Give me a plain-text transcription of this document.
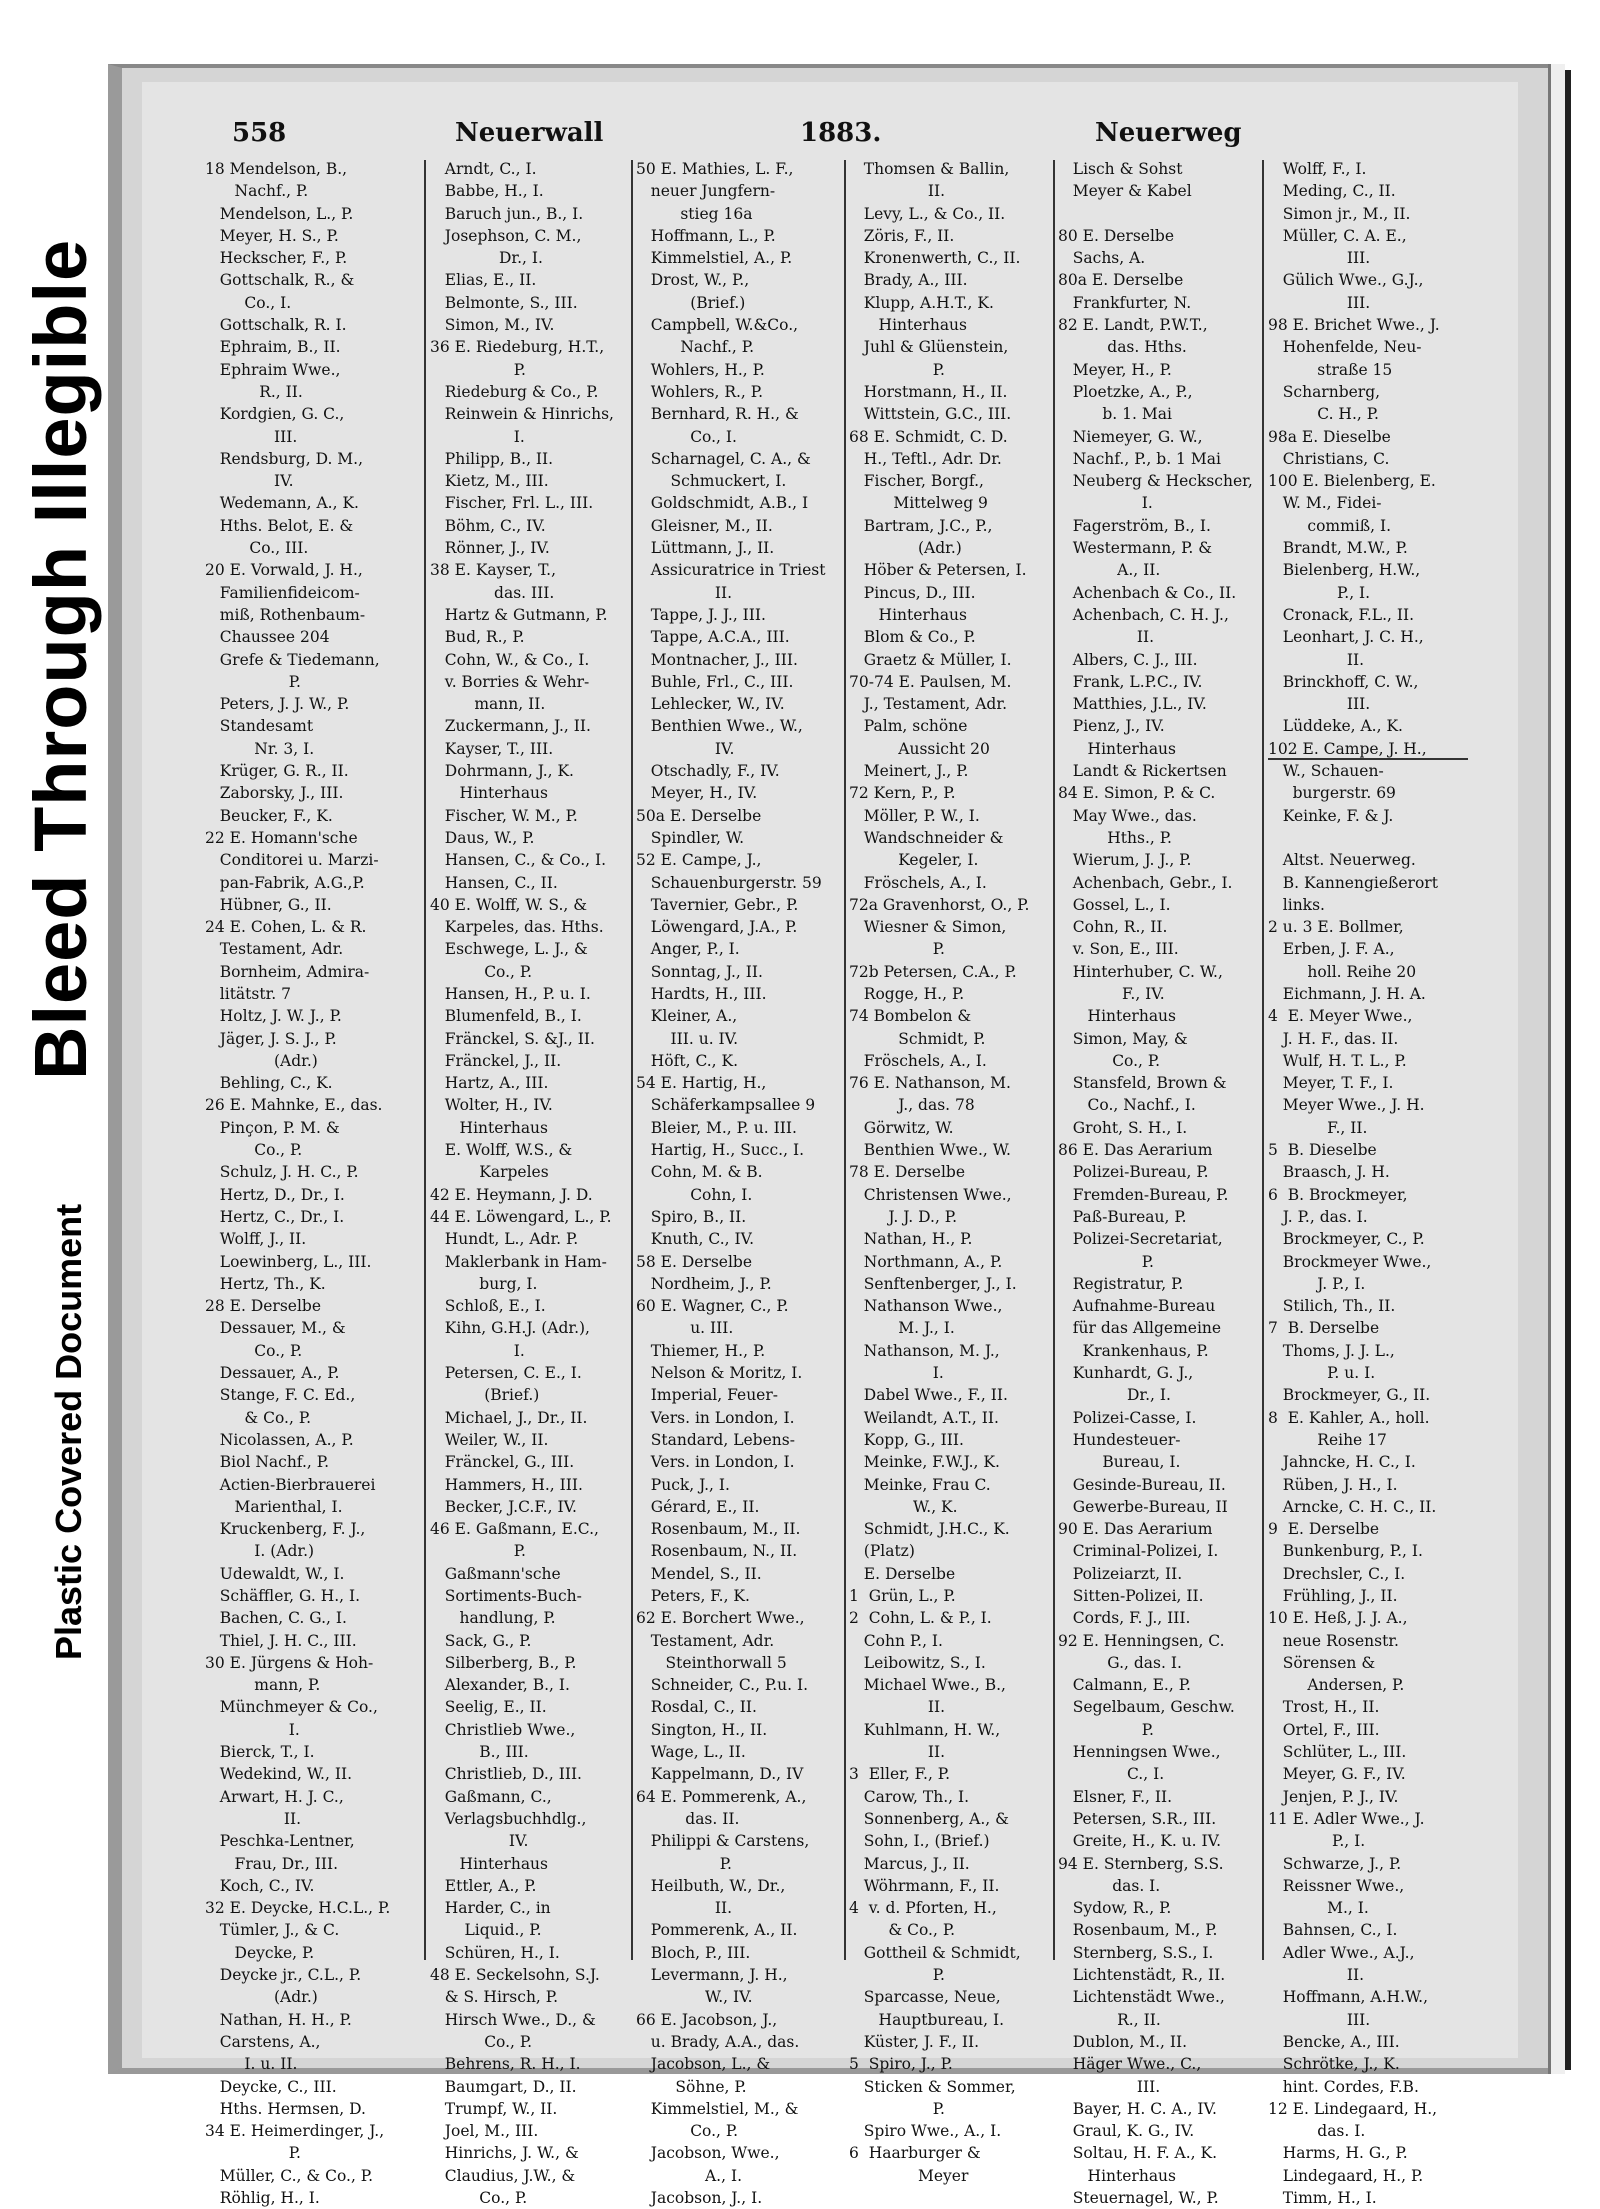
Bleed Through Illegible
Plastic Covered Document
558	Neuerwall	1883.	Neuerweg
18 Mendelson, B.,
Nachf., P.
Mendelson, L., P.
Meyer, H. S., P.
Heckscher, F., P.
Gottschalk, R., &
Co., I.
Gottschalk, R. I.
Ephraim, B., II.
Ephraim Wwe.,
R., II.
Kordgien, G. C.,
III.
Rendsburg, D. M.,
IV.
Wedemann, A., K.
Hths. Belot, E. &
Co., III.
20 E. Vorwald, J. H.,
Familienfideicom-
miß, Rothenbaum-
Chaussee 204
Grefe & Tiedemann,
P.
Peters, J. J. W., P.
Standesamt
Nr. 3, I.
Krüger, G. R., II.
Zaborsky, J., III.
Beucker, F., K.
22 E. Homann'sche
Conditorei u. Marzi-
pan-Fabrik, A.G.,P.
Hübner, G., II.
24 E. Cohen, L. & R.
Testament, Adr.
Bornheim, Admira-
litätstr. 7
Holtz, J. W. J., P.
Jäger, J. S. J., P.
(Adr.)
Behling, C., K.
26 E. Mahnke, E., das.
Pinçon, P. M. &
Co., P.
Schulz, J. H. C., P.
Hertz, D., Dr., I.
Hertz, C., Dr., I.
Wolff, J., II.
Loewinberg, L., III.
Hertz, Th., K.
28 E. Derselbe
Dessauer, M., &
Co., P.
Dessauer, A., P.
Stange, F. C. Ed.,
& Co., P.
Nicolassen, A., P.
Biol Nachf., P.
Actien-Bierbrauerei
Marienthal, I.
Kruckenberg, F. J.,
I. (Adr.)
Udewaldt, W., I.
Schäffler, G. H., I.
Bachen, C. G., I.
Thiel, J. H. C., III.
30 E. Jürgens & Hoh-
mann, P.
Münchmeyer & Co.,
I.
Bierck, T., I.
Wedekind, W., II.
Arwart, H. J. C.,
II.
Peschka-Lentner,
Frau, Dr., III.
Koch, C., IV.
32 E. Deycke, H.C.L., P.
Tümler, J., & C.
Deycke, P.
Deycke jr., C.L., P.
(Adr.)
Nathan, H. H., P.
Carstens, A.,
I. u. II.
Deycke, C., III.
Hths. Hermsen, D.
34 E. Heimerdinger, J.,
P.
Müller, C., & Co., P.
Röhlig, H., I.
Arndt, C., I.
Babbe, H., I.
Baruch jun., B., I.
Josephson, C. M.,
Dr., I.
Elias, E., II.
Belmonte, S., III.
Simon, M., IV.
36 E. Riedeburg, H.T.,
P.
Riedeburg & Co., P.
Reinwein & Hinrichs,
I.
Philipp, B., II.
Kietz, M., III.
Fischer, Frl. L., III.
Böhm, C., IV.
Rönner, J., IV.
38 E. Kayser, T.,
das. III.
Hartz & Gutmann, P.
Bud, R., P.
Cohn, W., & Co., I.
v. Borries & Wehr-
mann, II.
Zuckermann, J., II.
Kayser, T., III.
Dohrmann, J., K.
Hinterhaus
Fischer, W. M., P.
Daus, W., P.
Hansen, C., & Co., I.
Hansen, C., II.
40 E. Wolff, W. S., &
Karpeles, das. Hths.
Eschwege, L. J., &
Co., P.
Hansen, H., P. u. I.
Blumenfeld, B., I.
Fränckel, S. &J., II.
Fränckel, J., II.
Hartz, A., III.
Wolter, H., IV.
Hinterhaus
E. Wolff, W.S., &
Karpeles
42 E. Heymann, J. D.
44 E. Löwengard, L., P.
Hundt, L., Adr. P.
Maklerbank in Ham-
burg, I.
Schloß, E., I.
Kihn, G.H.J. (Adr.),
I.
Petersen, C. E., I.
(Brief.)
Michael, J., Dr., II.
Weiler, W., II.
Fränckel, G., III.
Hammers, H., III.
Becker, J.C.F., IV.
46 E. Gaßmann, E.C.,
P.
Gaßmann'sche
Sortiments-Buch-
handlung, P.
Sack, G., P.
Silberberg, B., P.
Alexander, B., I.
Seelig, E., II.
Christlieb Wwe.,
B., III.
Christlieb, D., III.
Gaßmann, C.,
Verlagsbuchhdlg.,
IV.
Hinterhaus
Ettler, A., P.
Harder, C., in
Liquid., P.
Schüren, H., I.
48 E. Seckelsohn, S.J.
& S. Hirsch, P.
Hirsch Wwe., D., &
Co., P.
Behrens, R. H., I.
Baumgart, D., II.
Trumpf, W., II.
Joel, M., III.
Hinrichs, J. W., &
Claudius, J.W., &
Co., P.
50 E. Mathies, L. F.,
neuer Jungfern-
stieg 16a
Hoffmann, L., P.
Kimmelstiel, A., P.
Drost, W., P.,
(Brief.)
Campbell, W.&Co.,
Nachf., P.
Wohlers, H., P.
Wohlers, R., P.
Bernhard, R. H., &
Co., I.
Scharnagel, C. A., &
Schmuckert, I.
Goldschmidt, A.B., I
Gleisner, M., II.
Lüttmann, J., II.
Assicuratrice in Triest
II.
Tappe, J. J., III.
Tappe, A.C.A., III.
Montnacher, J., III.
Buhle, Frl., C., III.
Lehlecker, W., IV.
Benthien Wwe., W.,
IV.
Otschadly, F., IV.
Meyer, H., IV.
50a E. Derselbe
Spindler, W.
52 E. Campe, J.,
Schauenburgerstr. 59
Tavernier, Gebr., P.
Löwengard, J.A., P.
Anger, P., I.
Sonntag, J., II.
Hardts, H., III.
Kleiner, A.,
III. u. IV.
Höft, C., K.
54 E. Hartig, H.,
Schäferkampsallee 9
Bleier, M., P. u. III.
Hartig, H., Succ., I.
Cohn, M. & B.
Cohn, I.
Spiro, B., II.
Knuth, C., IV.
58 E. Derselbe
Nordheim, J., P.
60 E. Wagner, C., P.
u. III.
Thiemer, H., P.
Nelson & Moritz, I.
Imperial, Feuer-
Vers. in London, I.
Standard, Lebens-
Vers. in London, I.
Puck, J., I.
Gérard, E., II.
Rosenbaum, M., II.
Rosenbaum, N., II.
Mendel, S., II.
Peters, F., K.
62 E. Borchert Wwe.,
Testament, Adr.
Steinthorwall 5
Schneider, C., P.u. I.
Rosdal, C., II.
Sington, H., II.
Wage, L., II.
Kappelmann, D., IV
64 E. Pommerenk, A.,
das. II.
Philippi & Carstens,
P.
Heilbuth, W., Dr.,
II.
Pommerenk, A., II.
Bloch, P., III.
Levermann, J. H.,
W., IV.
66 E. Jacobson, J.,
u. Brady, A.A., das.
Jacobson, L., &
Söhne, P.
Kimmelstiel, M., &
Co., P.
Jacobson, Wwe.,
A., I.
Jacobson, J., I.
Thomsen & Ballin,
II.
Levy, L., & Co., II.
Zöris, F., II.
Kronenwerth, C., II.
Brady, A., III.
Klupp, A.H.T., K.
Hinterhaus
Juhl & Glüenstein,
P.
Horstmann, H., II.
Wittstein, G.C., III.
68 E. Schmidt, C. D.
H., Teftl., Adr. Dr.
Fischer, Borgf.,
Mittelweg 9
Bartram, J.C., P.,
(Adr.)
Höber & Petersen, I.
Pincus, D., III.
Hinterhaus
Blom & Co., P.
Graetz & Müller, I.
70-74 E. Paulsen, M.
J., Testament, Adr.
Palm, schöne
Aussicht 20
Meinert, J., P.
72 Kern, P., P.
Möller, P. W., I.
Wandschneider &
Kegeler, I.
Fröschels, A., I.
72a Gravenhorst, O., P.
Wiesner & Simon,
P.
72b Petersen, C.A., P.
Rogge, H., P.
74 Bombelon &
Schmidt, P.
Fröschels, A., I.
76 E. Nathanson, M.
J., das. 78
Görwitz, W.
Benthien Wwe., W.
78 E. Derselbe
Christensen Wwe.,
J. J. D., P.
Nathan, H., P.
Northmann, A., P.
Senftenberger, J., I.
Nathanson Wwe.,
M. J., I.
Nathanson, M. J.,
I.
Dabel Wwe., F., II.
Weilandt, A.T., II.
Kopp, G., III.
Meinke, F.W.J., K.
Meinke, Frau C.
W., K.
Schmidt, J.H.C., K.
(Platz)
E. Derselbe
1  Grün, L., P.
2  Cohn, L. & P., I.
Cohn P., I.
Leibowitz, S., I.
Michael Wwe., B.,
II.
Kuhlmann, H. W.,
II.
3  Eller, F., P.
Carow, Th., I.
Sonnenberg, A., &
Sohn, I., (Brief.)
Marcus, J., II.
Wöhrmann, F., II.
4  v. d. Pforten, H.,
& Co., P.
Gottheil & Schmidt,
P.
Sparcasse, Neue,
Hauptbureau, I.
Küster, J. F., II.
5  Spiro, J., P.
Sticken & Sommer,
P.
Spiro Wwe., A., I.
6  Haarburger &
Meyer
Lisch & Sohst
Meyer & Kabel
80 E. Derselbe
Sachs, A.
80a E. Derselbe
Frankfurter, N.
82 E. Landt, P.W.T.,
das. Hths.
Meyer, H., P.
Ploetzke, A., P.,
b. 1. Mai
Niemeyer, G. W.,
Nachf., P., b. 1 Mai
Neuberg & Heckscher,
I.
Fagerström, B., I.
Westermann, P. &
A., II.
Achenbach & Co., II.
Achenbach, C. H. J.,
II.
Albers, C. J., III.
Frank, L.P.C., IV.
Matthies, J.L., IV.
Pienz, J., IV.
Hinterhaus
Landt & Rickertsen
84 E. Simon, P. & C.
May Wwe., das.
Hths., P.
Wierum, J. J., P.
Achenbach, Gebr., I.
Gossel, L., I.
Cohn, R., II.
v. Son, E., III.
Hinterhuber, C. W.,
F., IV.
Hinterhaus
Simon, May, &
Co., P.
Stansfeld, Brown &
Co., Nachf., I.
Groht, S. H., I.
86 E. Das Aerarium
Polizei-Bureau, P.
Fremden-Bureau, P.
Paß-Bureau, P.
Polizei-Secretariat,
P.
Registratur, P.
Aufnahme-Bureau
für das Allgemeine
Krankenhaus, P.
Kunhardt, G. J.,
Dr., I.
Polizei-Casse, I.
Hundesteuer-
Bureau, I.
Gesinde-Bureau, II.
Gewerbe-Bureau, II
90 E. Das Aerarium
Criminal-Polizei, I.
Polizeiarzt, II.
Sitten-Polizei, II.
Cords, F. J., III.
92 E. Henningsen, C.
G., das. I.
Calmann, E., P.
Segelbaum, Geschw.
P.
Henningsen Wwe.,
C., I.
Elsner, F., II.
Petersen, S.R., III.
Greite, H., K. u. IV.
94 E. Sternberg, S.S.
das. I.
Sydow, R., P.
Rosenbaum, M., P.
Sternberg, S.S., I.
Lichtenstädt, R., II.
Lichtenstädt Wwe.,
R., II.
Dublon, M., II.
Häger Wwe., C.,
III.
Bayer, H. C. A., IV.
Graul, K. G., IV.
Soltau, H. F. A., K.
Hinterhaus
Steuernagel, W., P.
Wolff, F., I.
Meding, C., II.
Simon jr., M., II.
Müller, C. A. E.,
III.
Gülich Wwe., G.J.,
III.
98 E. Brichet Wwe., J.
Hohenfelde, Neu-
straße 15
Scharnberg,
C. H., P.
98a E. Dieselbe
Christians, C.
100 E. Bielenberg, E.
W. M., Fidei-
commiß, I.
Brandt, M.W., P.
Bielenberg, H.W.,
P., I.
Cronack, F.L., II.
Leonhart, J. C. H.,
II.
Brinckhoff, C. W.,
III.
Lüddeke, A., K.
102 E. Campe, J. H.,
W., Schauen-
burgerstr. 69
Keinke, F. & J.
Altst. Neuerweg.
B. Kannengießerort
links.
2 u. 3 E. Bollmer,
Erben, J. F. A.,
holl. Reihe 20
Eichmann, J. H. A.
4  E. Meyer Wwe.,
J. H. F., das. II.
Wulf, H. T. L., P.
Meyer, T. F., I.
Meyer Wwe., J. H.
F., II.
5  B. Dieselbe
Braasch, J. H.
6  B. Brockmeyer,
J. P., das. I.
Brockmeyer, C., P.
Brockmeyer Wwe.,
J. P., I.
Stilich, Th., II.
7  B. Derselbe
Thoms, J. J. L.,
P. u. I.
Brockmeyer, G., II.
8  E. Kahler, A., holl.
Reihe 17
Jahncke, H. C., I.
Rüben, J. H., I.
Arncke, C. H. C., II.
9  E. Derselbe
Bunkenburg, P., I.
Drechsler, C., I.
Frühling, J., II.
10 E. Heß, J. J. A.,
neue Rosenstr.
Sörensen &
Andersen, P.
Trost, H., II.
Ortel, F., III.
Schlüter, L., III.
Meyer, G. F., IV.
Jenjen, P. J., IV.
11 E. Adler Wwe., J.
P., I.
Schwarze, J., P.
Reissner Wwe.,
M., I.
Bahnsen, C., I.
Adler Wwe., A.J.,
II.
Hoffmann, A.H.W.,
III.
Bencke, A., III.
Schrötke, J., K.
hint. Cordes, F.B.
12 E. Lindegaard, H.,
das. I.
Harms, H. G., P.
Lindegaard, H., P.
Timm, H., I.
